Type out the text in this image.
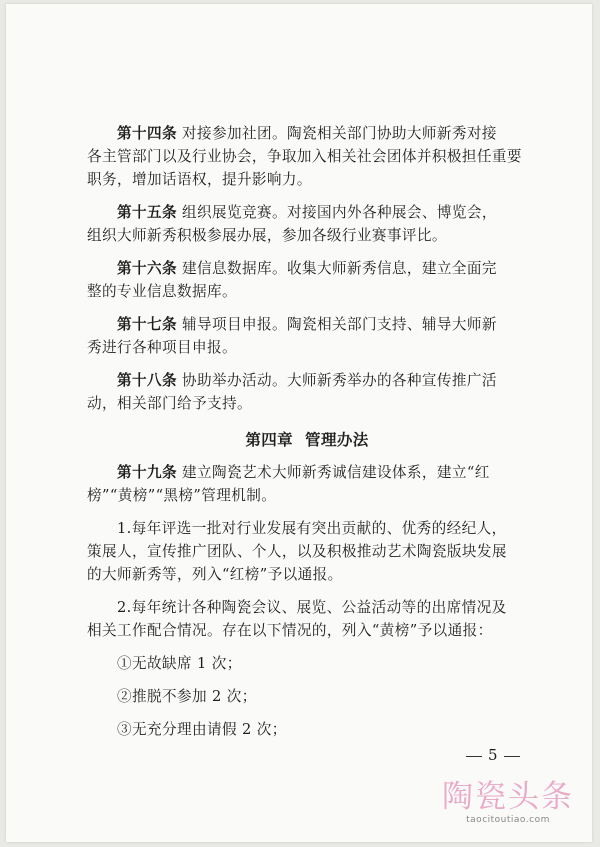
第十四条 对接参加社团。陶瓷相关部门协助大师新秀对接
各主管部门以及行业协会，争取加入相关社会团体并积极担任重要
职务，增加话语权，提升影响力。
第十五条 组织展览竞赛。对接国内外各种展会、博览会，
组织大师新秀积极参展办展，参加各级行业赛事评比。
第十六条 建信息数据库。收集大师新秀信息，建立全面完
整的专业信息数据库。
第十七条 辅导项目申报。陶瓷相关部门支持、辅导大师新
秀进行各种项目申报。
第十八条 协助举办活动。大师新秀举办的各种宣传推广活
动，相关部门给予支持。
第四章 管理办法
第十九条 建立陶瓷艺术大师新秀诚信建设体系，建立“红
榜”“黄榜”“黑榜”管理机制。
1.每年评选一批对行业发展有突出贡献的、优秀的经纪人，
策展人，宣传推广团队、个人，以及积极推动艺术陶瓷版块发展
的大师新秀等，列入“红榜”予以通报。
2.每年统计各种陶瓷会议、展览、公益活动等的出席情况及
相关工作配合情况。存在以下情况的，列入“黄榜”予以通报：
①无故缺席 1 次；
②推脱不参加 2 次；
③无充分理由请假 2 次；
5
陶瓷头条
taocitoutiao.com
